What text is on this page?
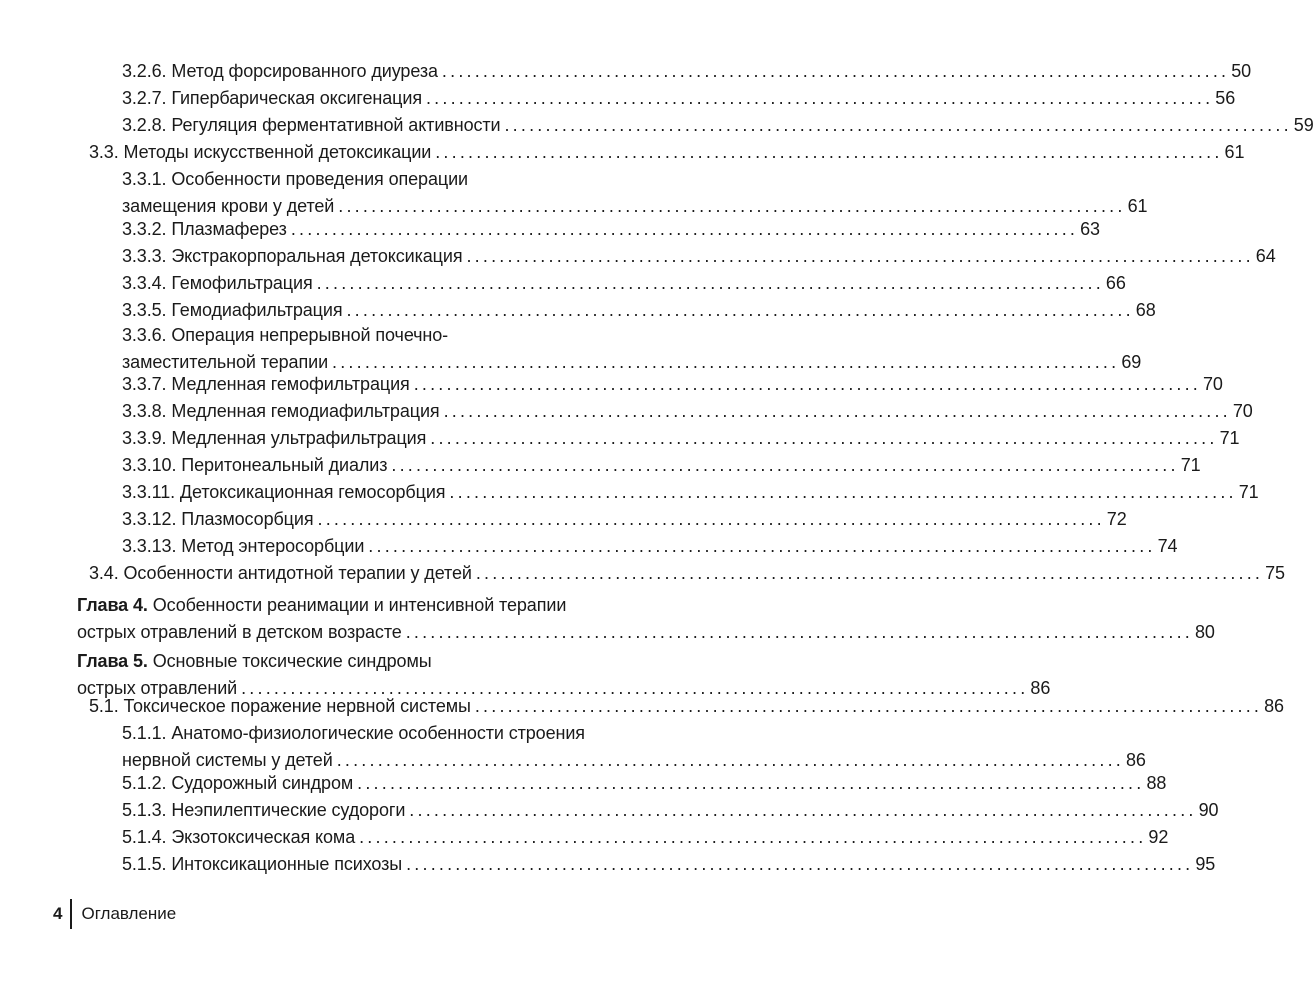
3.2.6. Метод форсированного диуреза ................................................................................................ 50
3.2.7. Гипербарическая оксигенация ................................................................................................ 56
3.2.8. Регуляция ферментативной активности ................................................................................................ 59
3.3. Методы искусственной детоксикации ................................................................................................ 61
3.3.1. Особенности проведения операции
замещения крови у детей ................................................................................................ 61
3.3.2. Плазмаферез ................................................................................................ 63
3.3.3. Экстракорпоральная детоксикация ................................................................................................ 64
3.3.4. Гемофильтрация ................................................................................................ 66
3.3.5. Гемодиафильтрация ................................................................................................ 68
3.3.6. Операция непрерывной почечно-
заместительной терапии ................................................................................................ 69
3.3.7. Медленная гемофильтрация ................................................................................................ 70
3.3.8. Медленная гемодиафильтрация ................................................................................................ 70
3.3.9. Медленная ультрафильтрация ................................................................................................ 71
3.3.10. Перитонеальный диализ ................................................................................................ 71
3.3.11. Детоксикационная гемосорбция ................................................................................................ 71
3.3.12. Плазмосорбция ................................................................................................ 72
3.3.13. Метод энтеросорбции ................................................................................................ 74
3.4. Особенности антидотной терапии у детей ................................................................................................ 75
Глава 4. Особенности реанимации и интенсивной терапии
острых отравлений в детском возрасте ................................................................................................ 80
Глава 5. Основные токсические синдромы
острых отравлений ................................................................................................ 86
5.1. Токсическое поражение нервной системы ................................................................................................ 86
5.1.1. Анатомо-физиологические особенности строения
нервной системы у детей ................................................................................................ 86
5.1.2. Судорожный синдром ................................................................................................ 88
5.1.3. Неэпилептические судороги ................................................................................................ 90
5.1.4. Экзотоксическая кома ................................................................................................ 92
5.1.5. Интоксикационные психозы ................................................................................................ 95
4	Оглавление
